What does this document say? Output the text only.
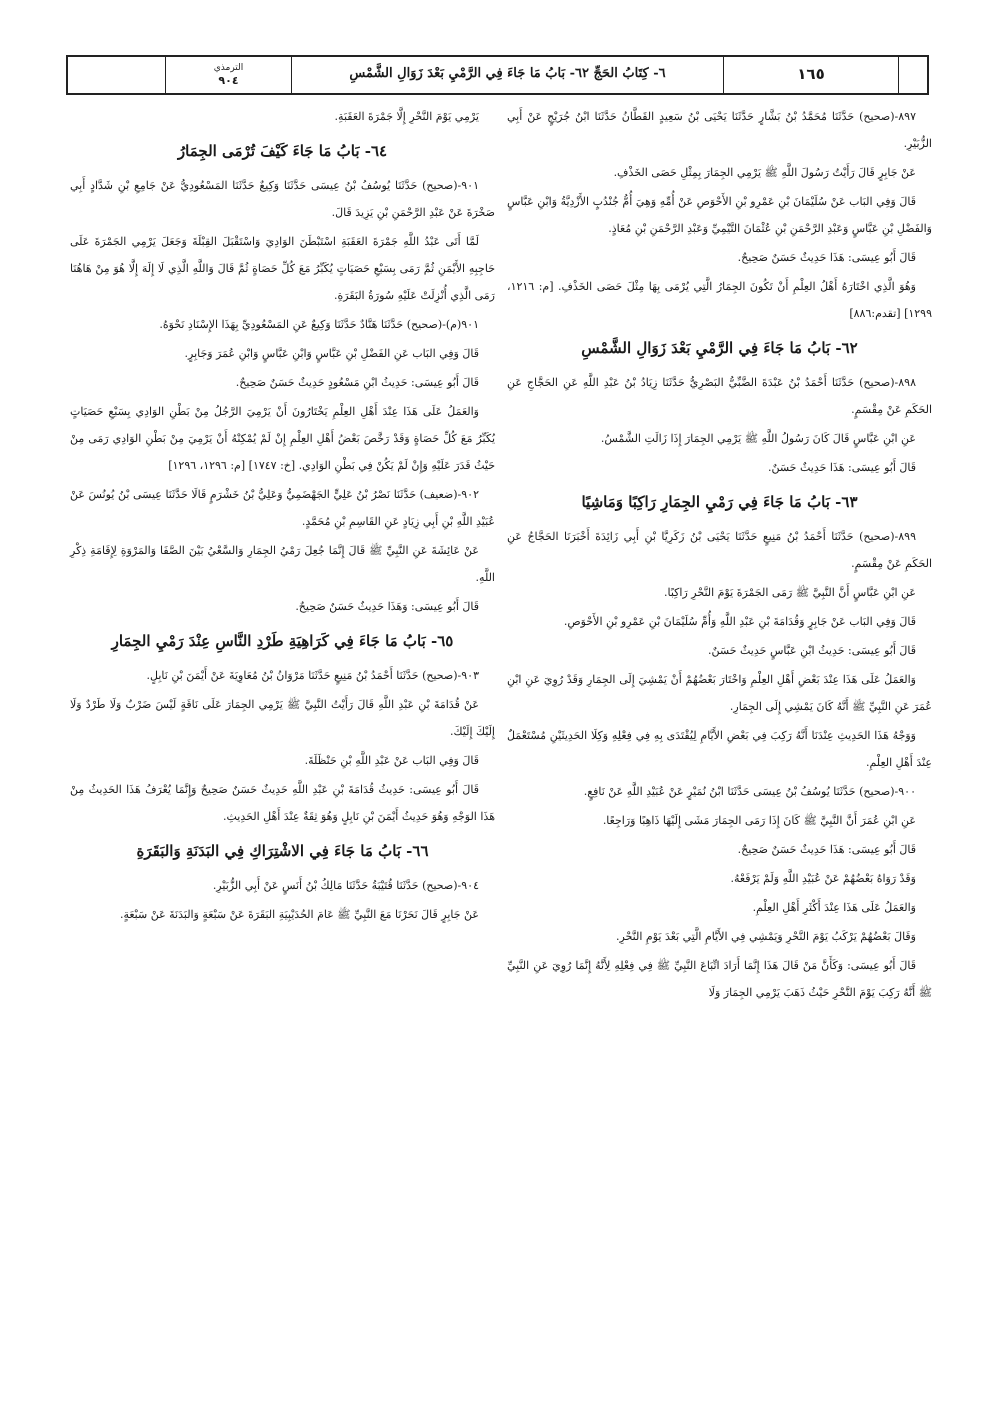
الترمذي
٩٠٤	٦- كِتَابُ الحَجِّ ٦٢- بَابُ مَا جَاءَ فِي الرَّمْيِ بَعْدَ زَوَالِ الشَّمْسِ	١٦٥

٨٩٧-(صحيح) حَدَّثَنَا مُحَمَّدُ بْنُ بَشَّارٍ حَدَّثَنَا يَحْيَى بْنُ سَعِيدٍ القَطَّانُ حَدَّثَنَا ابْنُ جُرَيْجٍ عَنْ أَبِي الزُّبَيْرِ.

عَنْ جَابِرٍ قَالَ رَأَيْتُ رَسُولَ اللَّهِ ﷺ يَرْمِي الجِمَارَ بِمِثْلِ حَصَى الخَذْفِ.

قَالَ وَفِي البَاب عَنْ سُلَيْمَانَ بْنِ عَمْرِو بْنِ الأَحْوَصِ عَنْ أُمِّهِ وَهِيَ أُمُّ جُنْدُبٍ الأَزْدِيَّةُ وَابْنِ عَبَّاسٍ وَالفَضْلِ بْنِ عَبَّاسٍ وَعَبْدِ الرَّحْمَنِ بْنِ عُثْمَانَ التَّيْمِيِّ وَعَبْدِ الرَّحْمَنِ بْنِ مُعَاذٍ.

قَالَ أَبُو عِيسَى: هَذَا حَدِيثٌ حَسَنٌ صَحِيحٌ.

وَهُوَ الَّذِي اخْتَارَهُ أَهْلُ العِلْمِ أَنْ تَكُونَ الجِمَارُ الَّتِي يُرْمَى بِهَا مِثْلَ حَصَى الخَذْفِ. [م: ١٢١٦، ١٢٩٩] [تقدم:٨٨٦]

٦٢- بَابُ مَا جَاءَ فِي الرَّمْيِ بَعْدَ زَوَالِ الشَّمْسِ

٨٩٨-(صحيح) حَدَّثَنَا أَحْمَدُ بْنُ عَبْدَةَ الضَّبِّيُّ البَصْرِيُّ حَدَّثَنَا زِيَادُ بْنُ عَبْدِ اللَّهِ عَنِ الحَجَّاجِ عَنِ الحَكَمِ عَنْ مِقْسَمٍ.

عَنِ ابْنِ عَبَّاسٍ قَالَ كَانَ رَسُولُ اللَّهِ ﷺ يَرْمِي الجِمَارَ إِذَا زَالَتِ الشَّمْسُ.

قَالَ أَبُو عِيسَى: هَذَا حَدِيثٌ حَسَنٌ.

٦٣- بَابُ مَا جَاءَ فِي رَمْيِ الجِمَارِ رَاكِبًا وَمَاشِيًا

٨٩٩-(صحيح) حَدَّثَنَا أَحْمَدُ بْنُ مَنِيعٍ حَدَّثَنَا يَحْيَى بْنُ زَكَرِيَّا بْنِ أَبِي زَائِدَةَ أَخْبَرَنَا الحَجَّاجُ عَنِ الحَكَمِ عَنْ مِقْسَمٍ.

عَنِ ابْنِ عَبَّاسٍ أَنَّ النَّبِيَّ ﷺ رَمَى الجَمْرَةَ يَوْمَ النَّحْرِ رَاكِبًا.

قَالَ وَفِي البَاب عَنْ جَابِرٍ وَقُدَامَةَ بْنِ عَبْدِ اللَّهِ وَأُمِّ سُلَيْمَانَ بْنِ عَمْرِو بْنِ الأَحْوَصِ.

قَالَ أَبُو عِيسَى: حَدِيثُ ابْنِ عَبَّاسٍ حَدِيثٌ حَسَنٌ.

وَالعَمَلُ عَلَى هَذَا عِنْدَ بَعْضِ أَهْلِ العِلْمِ وَاخْتَارَ بَعْضُهُمْ أَنْ يَمْشِيَ إِلَى الجِمَارِ وَقَدْ رُوِيَ عَنِ ابْنِ عُمَرَ عَنِ النَّبِيِّ ﷺ أَنَّهُ كَانَ يَمْشِي إِلَى الجِمَارِ.

وَوَجْهُ هَذَا الحَدِيثِ عِنْدَنَا أَنَّهُ رَكِبَ فِي بَعْضِ الأَيَّامِ لِيُقْتَدَى بِهِ فِي فِعْلِهِ وَكِلَا الحَدِيثَيْنِ مُسْتَعْمَلٌ عِنْدَ أَهْلِ العِلْمِ.

٩٠٠-(صحيح) حَدَّثَنَا يُوسُفُ بْنُ عِيسَى حَدَّثَنَا ابْنُ نُمَيْرٍ عَنْ عُبَيْدِ اللَّهِ عَنْ نَافِعٍ.

عَنِ ابْنِ عُمَرَ أَنَّ النَّبِيَّ ﷺ كَانَ إِذَا رَمَى الجِمَارَ مَشَى إِلَيْهَا ذَاهِبًا وَرَاجِعًا.

قَالَ أَبُو عِيسَى: هَذَا حَدِيثٌ حَسَنٌ صَحِيحٌ.

وَقَدْ رَوَاهُ بَعْضُهُمْ عَنْ عُبَيْدِ اللَّهِ وَلَمْ يَرْفَعْهُ.

وَالعَمَلُ عَلَى هَذَا عِنْدَ أَكْثَرِ أَهْلِ العِلْمِ.

وَقَالَ بَعْضُهُمْ يَرْكَبُ يَوْمَ النَّحْرِ وَيَمْشِي فِي الأَيَّامِ الَّتِي بَعْدَ يَوْمِ النَّحْرِ.

قَالَ أَبُو عِيسَى: وَكَأَنَّ مَنْ قَالَ هَذَا إِنَّمَا أَرَادَ اتِّبَاعَ النَّبِيِّ ﷺ فِي فِعْلِهِ لِأَنَّهُ إِنَّمَا رُوِيَ عَنِ النَّبِيِّ ﷺ أَنَّهُ رَكِبَ يَوْمَ النَّحْرِ حَيْثُ ذَهَبَ يَرْمِي الجِمَارَ وَلَا

يَرْمِي يَوْمَ النَّحْرِ إِلَّا جَمْرَةَ العَقَبَةِ.

٦٤- بَابُ مَا جَاءَ كَيْفَ تُرْمَى الجِمَارُ

٩٠١-(صحيح) حَدَّثَنَا يُوسُفُ بْنُ عِيسَى حَدَّثَنَا وَكِيعٌ حَدَّثَنَا المَسْعُودِيُّ عَنْ جَامِعِ بْنِ شَدَّادٍ أَبِي صَخْرَةَ عَنْ عَبْدِ الرَّحْمَنِ بْنِ يَزِيدَ قَالَ.

لَمَّا أَتَى عَبْدُ اللَّهِ جَمْرَةَ العَقَبَةِ اسْتَبْطَنَ الوَادِيَ وَاسْتَقْبَلَ القِبْلَةَ وَجَعَلَ يَرْمِي الجَمْرَةَ عَلَى حَاجِبِهِ الأَيْمَنِ ثُمَّ رَمَى بِسَبْعِ حَصَيَاتٍ يُكَبِّرُ مَعَ كُلِّ حَصَاةٍ ثُمَّ قَالَ وَاللَّهِ الَّذِي لَا إِلَهَ إِلَّا هُوَ مِنْ هَاهُنَا رَمَى الَّذِي أُنْزِلَتْ عَلَيْهِ سُورَةُ البَقَرَةِ.

٩٠١(م)-(صحيح) حَدَّثَنَا هَنَّادٌ حَدَّثَنَا وَكِيعٌ عَنِ المَسْعُودِيِّ بِهَذَا الإِسْنَادِ نَحْوَهُ.

قَالَ وَفِي البَاب عَنِ الفَضْلِ بْنِ عَبَّاسٍ وَابْنِ عَبَّاسٍ وَابْنِ عُمَرَ وَجَابِرٍ.

قَالَ أَبُو عِيسَى: حَدِيثُ ابْنِ مَسْعُودٍ حَدِيثٌ حَسَنٌ صَحِيحٌ.

وَالعَمَلُ عَلَى هَذَا عِنْدَ أَهْلِ العِلْمِ يَخْتَارُونَ أَنْ يَرْمِيَ الرَّجُلُ مِنْ بَطْنِ الوَادِي بِسَبْعِ حَصَيَاتٍ يُكَبِّرُ مَعَ كُلِّ حَصَاةٍ وَقَدْ رَخَّصَ بَعْضُ أَهْلِ العِلْمِ إِنْ لَمْ يُمْكِنْهُ أَنْ يَرْمِيَ مِنْ بَطْنِ الوَادِي رَمَى مِنْ حَيْثُ قَدَرَ عَلَيْهِ وَإِنْ لَمْ يَكُنْ فِي بَطْنِ الوَادِي. [خ: ١٧٤٧] [م: ١٢٩٦، ١٢٩٦]

٩٠٢-(ضعيف) حَدَّثَنَا نَصْرُ بْنُ عَلِيٍّ الجَهْضَمِيُّ وَعَلِيُّ بْنُ خَشْرَمٍ قَالَا حَدَّثَنَا عِيسَى بْنُ يُونُسَ عَنْ عُبَيْدِ اللَّهِ بْنِ أَبِي زِيَادٍ عَنِ القَاسِمِ بْنِ مُحَمَّدٍ.

عَنْ عَائِشَةَ عَنِ النَّبِيِّ ﷺ قَالَ إِنَّمَا جُعِلَ رَمْيُ الجِمَارِ وَالسَّعْيُ بَيْنَ الصَّفَا وَالمَرْوَةِ لِإِقَامَةِ ذِكْرِ اللَّهِ.

قَالَ أَبُو عِيسَى: وَهَذَا حَدِيثٌ حَسَنٌ صَحِيحٌ.

٦٥- بَابُ مَا جَاءَ فِي كَرَاهِيَةِ طَرْدِ النَّاسِ عِنْدَ رَمْيِ الجِمَارِ

٩٠٣-(صحيح) حَدَّثَنَا أَحْمَدُ بْنُ مَنِيعٍ حَدَّثَنَا مَرْوَانُ بْنُ مُعَاوِيَةَ عَنْ أَيْمَنَ بْنِ نَابِلٍ.

عَنْ قُدَامَةَ بْنِ عَبْدِ اللَّهِ قَالَ رَأَيْتُ النَّبِيَّ ﷺ يَرْمِي الجِمَارَ عَلَى نَاقَةٍ لَيْسَ ضَرْبٌ وَلَا طَرْدٌ وَلَا إِلَيْكَ إِلَيْكَ.

قَالَ وَفِي البَاب عَنْ عَبْدِ اللَّهِ بْنِ حَنْظَلَةَ.

قَالَ أَبُو عِيسَى: حَدِيثُ قُدَامَةَ بْنِ عَبْدِ اللَّهِ حَدِيثٌ حَسَنٌ صَحِيحٌ وَإِنَّمَا يُعْرَفُ هَذَا الحَدِيثُ مِنْ هَذَا الوَجْهِ وَهُوَ حَدِيثُ أَيْمَنَ بْنِ نَابِلٍ وَهُوَ ثِقَةٌ عِنْدَ أَهْلِ الحَدِيثِ.

٦٦- بَابُ مَا جَاءَ فِي الاشْتِرَاكِ فِي البَدَنَةِ وَالبَقَرَةِ

٩٠٤-(صحيح) حَدَّثَنَا قُتَيْبَةُ حَدَّثَنَا مَالِكُ بْنُ أَنَسٍ عَنْ أَبِي الزُّبَيْرِ.

عَنْ جَابِرٍ قَالَ نَحَرْنَا مَعَ النَّبِيِّ ﷺ عَامَ الحُدَيْبِيَةِ البَقَرَةَ عَنْ سَبْعَةٍ وَالبَدَنَةَ عَنْ سَبْعَةٍ.
